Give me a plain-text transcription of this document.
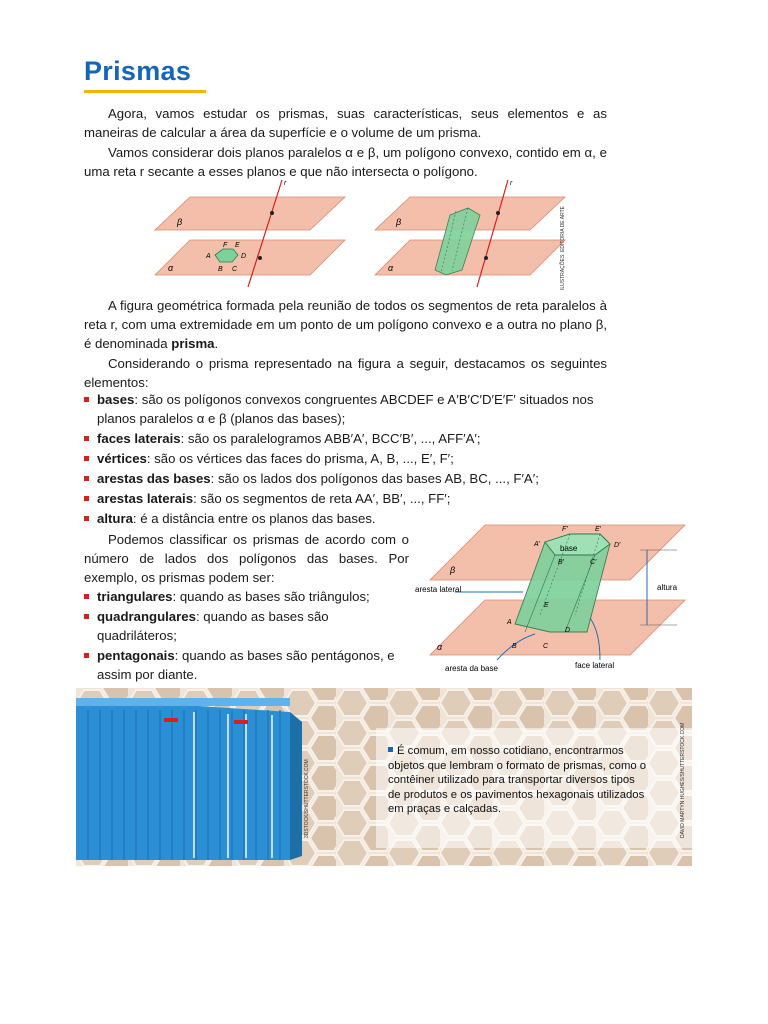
Prismas

Agora, vamos estudar os prismas, suas características, seus elementos e as maneiras de calcular a área da superfície e o volume de um prisma.

Vamos considerar dois planos paralelos α e β, um polígono convexo, contido em α, e uma reta r secante a esses planos e que não intersecta o polígono.

β
α
r
A
B C
D
E
F
β
α
r
ILUSTRAÇÕES: EDITORIA DE ARTE

A figura geométrica formada pela reunião de todos os segmentos de reta paralelos à reta r, com uma extremidade em um ponto de um polígono convexo e a outra no plano β, é denominada prisma.

Considerando o prisma representado na figura a seguir, destacamos os seguintes elementos:

bases: são os polígonos convexos congruentes ABCDEF e A′B′C′D′E′F′ situados nos planos paralelos α e β (planos das bases);
faces laterais: são os paralelogramos ABB′A′, BCC′B′, ..., AFF′A′;
vértices: são os vértices das faces do prisma, A, B, ..., E′, F′;
arestas das bases: são os lados dos polígonos das bases AB, BC, ..., F′A′;
arestas laterais: são os segmentos de reta AA′, BB′, ..., FF′;
altura: é a distância entre os planos das bases.

Podemos classificar os prismas de acordo com o número de lados dos polígonos das bases. Por exemplo, os prismas podem ser:

triangulares: quando as bases são triângulos;
quadrangulares: quando as bases são quadriláteros;
pentagonais: quando as bases são pentágonos, e assim por diante.
base
altura
aresta lateral
aresta da base	face lateral
β
α
A′
F′	E′
D′
B′	C′
A
E
B	C
D
3DSTOCK/SHUTTERSTOCK.COM	DAVID MARTYN HUGHES/SHUTTERSTOCK.COM
É comum, em nosso cotidiano, encontrarmos objetos que lembram o formato de prismas, como o contêiner utilizado para transportar diversos tipos de produtos e os pavimentos hexagonais utilizados em praças e calçadas.
